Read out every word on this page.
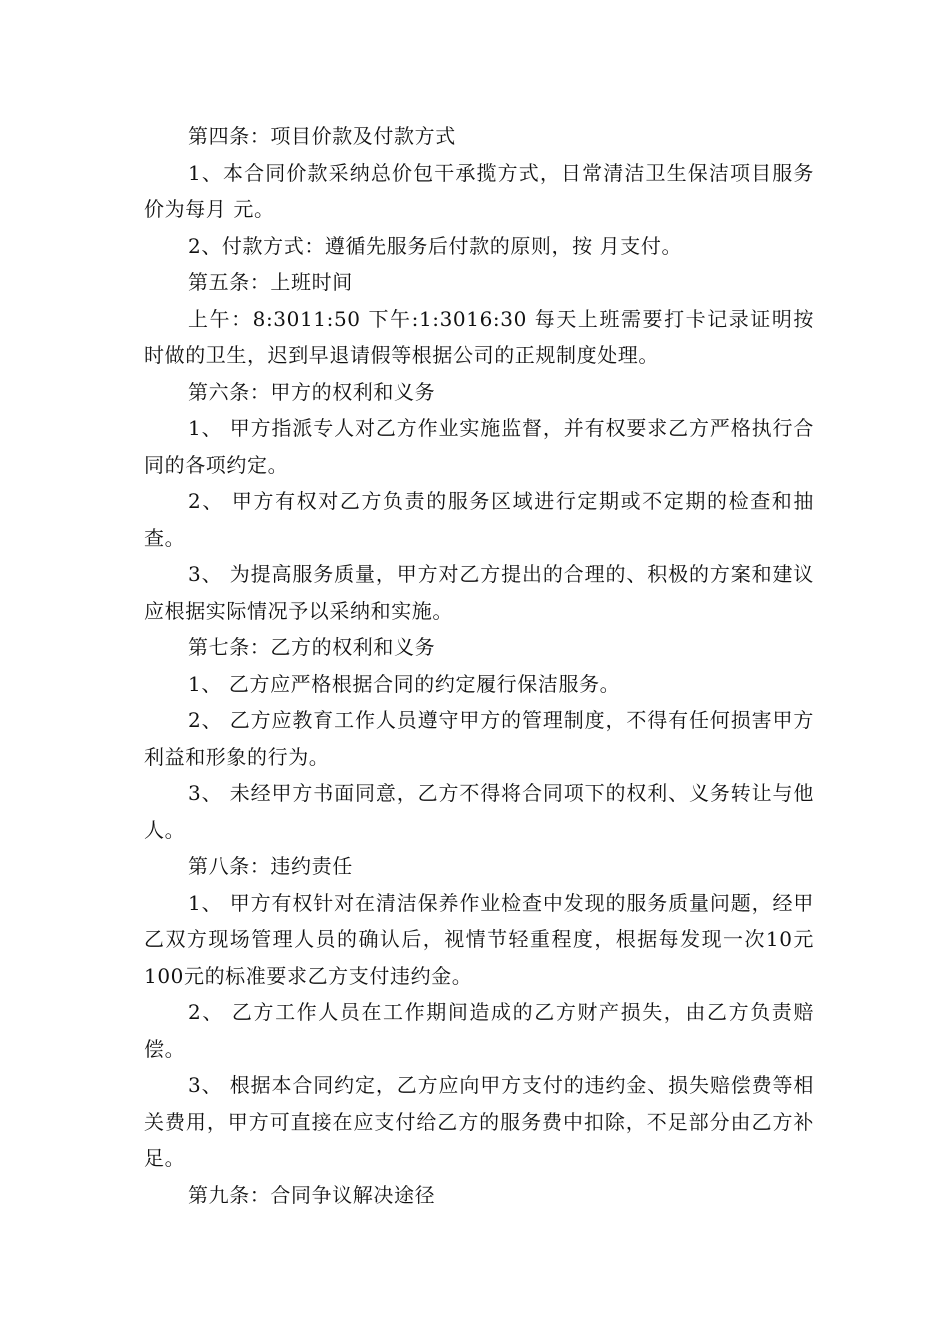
第四条：项目价款及付款方式

1、本合同价款采纳总价包干承揽方式，日常清洁卫生保洁项目服务价为每月 元。

2、付款方式：遵循先服务后付款的原则，按 月支付。

第五条：上班时间

上午：8:3011:50 下午:1:3016:30 每天上班需要打卡记录证明按时做的卫生，迟到早退请假等根据公司的正规制度处理。

第六条：甲方的权利和义务

1、 甲方指派专人对乙方作业实施监督，并有权要求乙方严格执行合同的各项约定。

2、 甲方有权对乙方负责的服务区域进行定期或不定期的检查和抽查。

3、 为提高服务质量，甲方对乙方提出的合理的、积极的方案和建议应根据实际情况予以采纳和实施。

第七条：乙方的权利和义务

1、 乙方应严格根据合同的约定履行保洁服务。

2、 乙方应教育工作人员遵守甲方的管理制度，不得有任何损害甲方利益和形象的行为。

3、 未经甲方书面同意，乙方不得将合同项下的权利、义务转让与他人。

第八条：违约责任

1、 甲方有权针对在清洁保养作业检查中发现的服务质量问题，经甲乙双方现场管理人员的确认后，视情节轻重程度，根据每发现一次10元100元的标准要求乙方支付违约金。

2、 乙方工作人员在工作期间造成的乙方财产损失，由乙方负责赔偿。

3、 根据本合同约定，乙方应向甲方支付的违约金、损失赔偿费等相关费用，甲方可直接在应支付给乙方的服务费中扣除，不足部分由乙方补足。

第九条：合同争议解决途径
